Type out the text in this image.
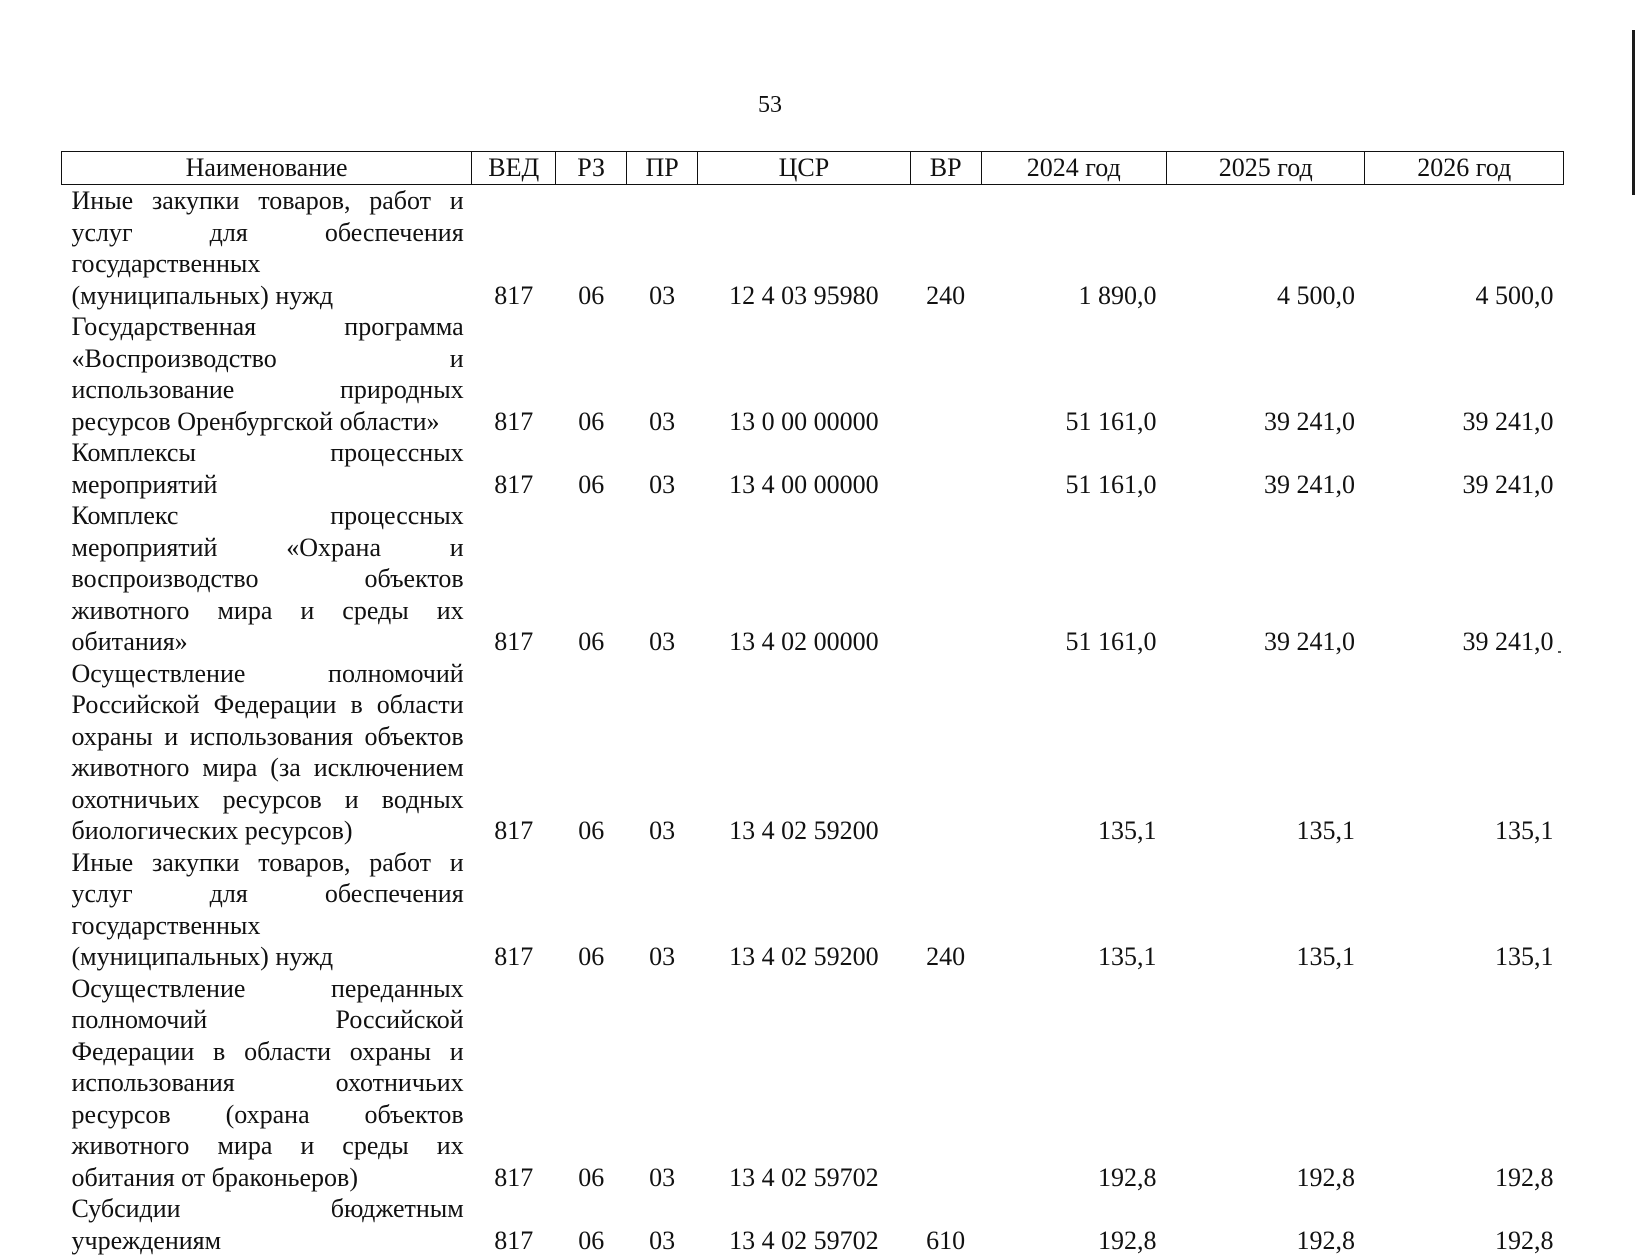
53
Наименование	ВЕД	РЗ	ПР	ЦСР	ВР	2024 год	2025 год	2026 год
Иные закупки товаров, работ и услуг для обеспечения государственных (муниципальных) нужд	817	06	03	12 4 03 95980	240	1 890,0	4 500,0	4 500,0
Государственная программа «Воспроизводство и использование природных ресурсов Оренбургской области»	817	06	03	13 0 00 00000		51 161,0	39 241,0	39 241,0
Комплексы процессных мероприятий	817	06	03	13 4 00 00000		51 161,0	39 241,0	39 241,0
Комплекс процессных мероприятий «Охрана и воспроизводство объектов животного мира и среды их обитания»	817	06	03	13 4 02 00000		51 161,0	39 241,0	39 241,0
Осуществление полномочий Российской Федерации в области охраны и использования объектов животного мира (за исключением охотничьих ресурсов и водных биологических ресурсов)	817	06	03	13 4 02 59200		135,1	135,1	135,1
Иные закупки товаров, работ и услуг для обеспечения государственных (муниципальных) нужд	817	06	03	13 4 02 59200	240	135,1	135,1	135,1
Осуществление переданных полномочий Российской Федерации в области охраны и использования охотничьих ресурсов (охрана объектов животного мира и среды их обитания от браконьеров)	817	06	03	13 4 02 59702		192,8	192,8	192,8
Субсидии бюджетным учреждениям	817	06	03	13 4 02 59702	610	192,8	192,8	192,8
